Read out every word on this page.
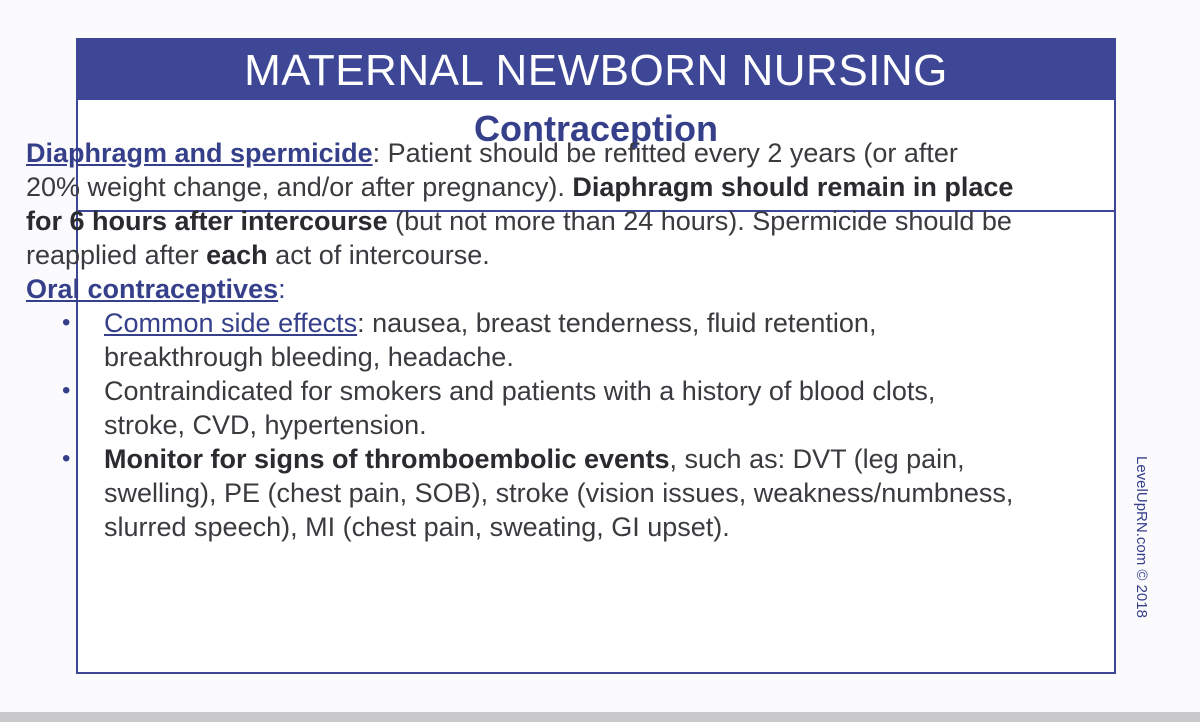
MATERNAL NEWBORN NURSING
Contraception

Diaphragm and spermicide: Patient should be refitted every 2 years (or after 20% weight change, and/or after pregnancy). Diaphragm should remain in place for 6 hours after intercourse (but not more than 24 hours). Spermicide should be reapplied after each act of intercourse.

Oral contraceptives:

• Common side effects: nausea, breast tenderness, fluid retention, breakthrough bleeding, headache.
• Contraindicated for smokers and patients with a history of blood clots, stroke, CVD, hypertension.
• Monitor for signs of thromboembolic events, such as: DVT (leg pain, swelling), PE (chest pain, SOB), stroke (vision issues, weakness/numbness, slurred speech), MI (chest pain, sweating, GI upset).	LevelUpRN.com © 2018
